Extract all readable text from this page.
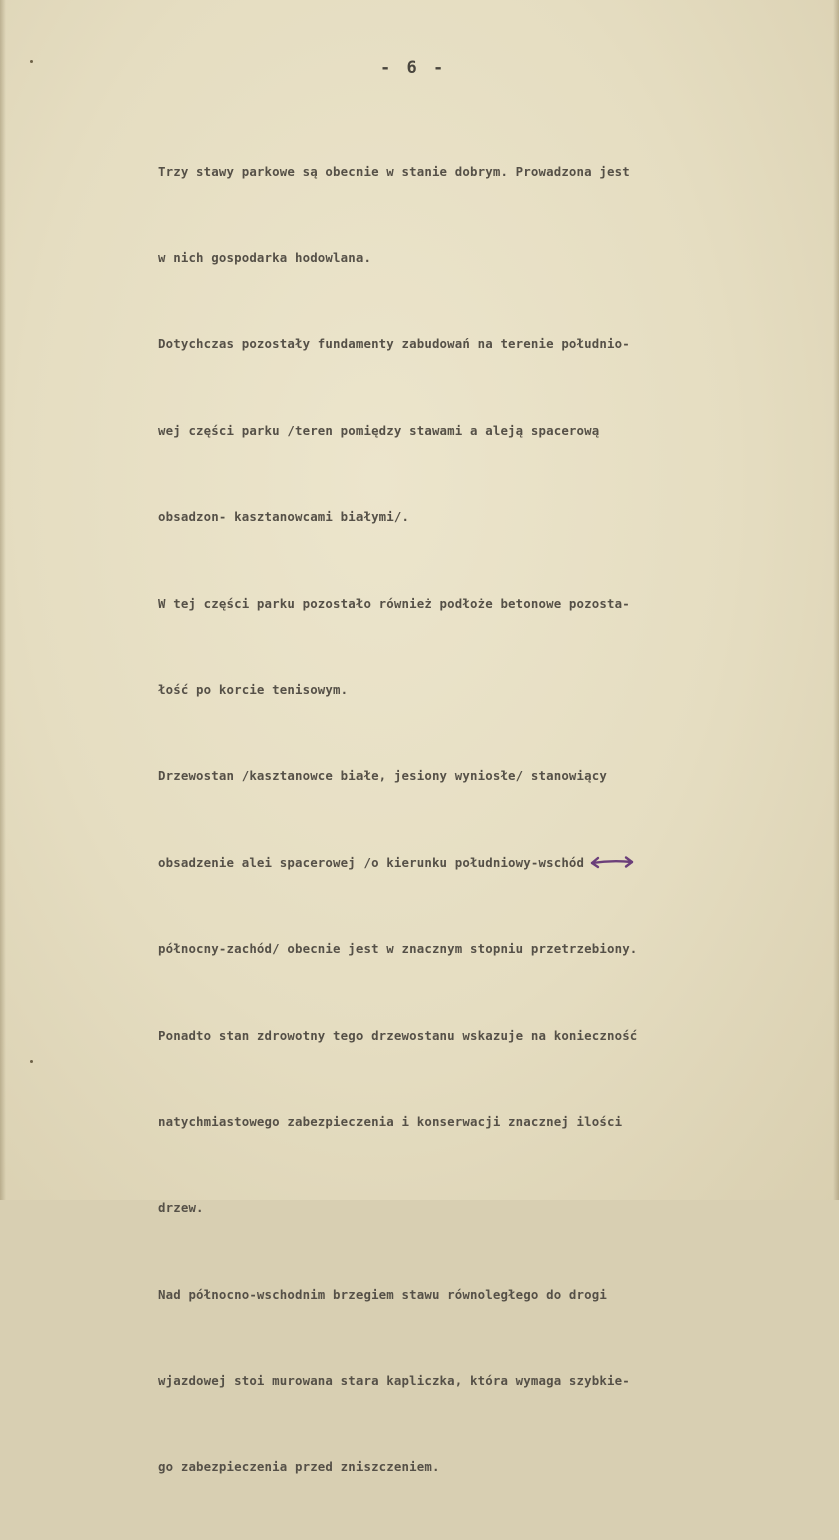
- 6 -

Trzy stawy parkowe są obecnie w stanie dobrym. Prowadzona jest

w nich gospodarka hodowlana.

Dotychczas pozostały fundamenty zabudowań na terenie południo-

wej części parku /teren pomiędzy stawami a aleją spacerową

obsadzon- kasztanowcami białymi/.

W tej części parku pozostało również podłoże betonowe pozosta-

łość po korcie tenisowym.

Drzewostan /kasztanowce białe, jesiony wyniosłe/ stanowiący

obsadzenie alei spacerowej /o kierunku południowy-wschód

północny-zachód/ obecnie jest w znacznym stopniu przetrzebiony.

Ponadto stan zdrowotny tego drzewostanu wskazuje na konieczność

natychmiastowego zabezpieczenia i konserwacji znacznej ilości

drzew.

Nad północno-wschodnim brzegiem stawu równoległego do drogi

wjazdowej stoi murowana stara kapliczka, która wymaga szybkie-

go zabezpieczenia przed zniszczeniem.
